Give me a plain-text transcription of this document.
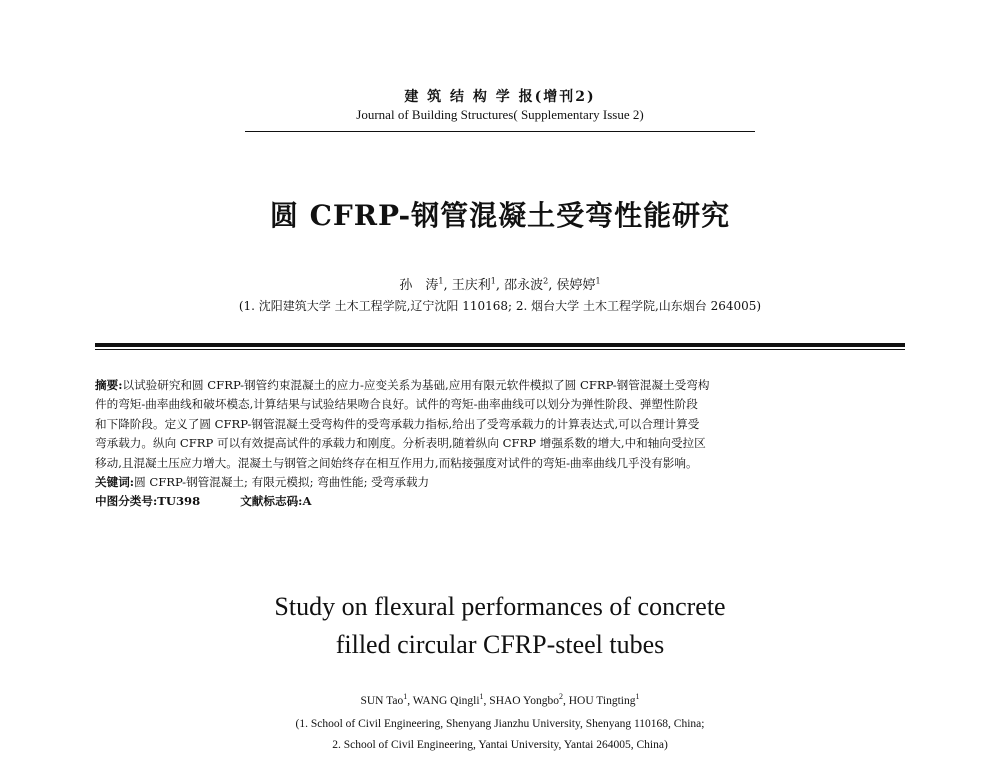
建 筑 结 构 学 报(增刊2)
Journal of Building Structures( Supplementary Issue 2)
圆 CFRP-钢管混凝土受弯性能研究
孙　涛$^1$, 王庆利$^1$, 邵永波$^2$, 侯婷婷$^1$
(1. 沈阳建筑大学 土木工程学院,辽宁沈阳 110168; 2. 烟台大学 土木工程学院,山东烟台 264005)
摘要:以试验研究和圆 CFRP-钢管约束混凝土的应力-应变关系为基础,应用有限元软件模拟了圆 CFRP-钢管混凝土受弯构
件的弯矩-曲率曲线和破坏模态,计算结果与试验结果吻合良好。试件的弯矩-曲率曲线可以划分为弹性阶段、弹塑性阶段
和下降阶段。定义了圆 CFRP-钢管混凝土受弯构件的受弯承载力指标,给出了受弯承载力的计算表达式,可以合理计算受
弯承载力。纵向 CFRP 可以有效提高试件的承载力和刚度。分析表明,随着纵向 CFRP 增强系数的增大,中和轴向受拉区
移动,且混凝土压应力增大。混凝土与钢管之间始终存在相互作用力,而粘接强度对试件的弯矩-曲率曲线几乎没有影响。
关键词:圆 CFRP-钢管混凝土; 有限元模拟; 弯曲性能; 受弯承载力
中图分类号:TU398	文献标志码:A
Study on flexural performances of concrete
filled circular CFRP-steel tubes
SUN Tao$^1$, WANG Qingli$^1$, SHAO Yongbo$^2$, HOU Tingting$^1$
(1. School of Civil Engineering, Shenyang Jianzhu University, Shenyang 110168, China;
2. School of Civil Engineering, Yantai University, Yantai 264005, China)
